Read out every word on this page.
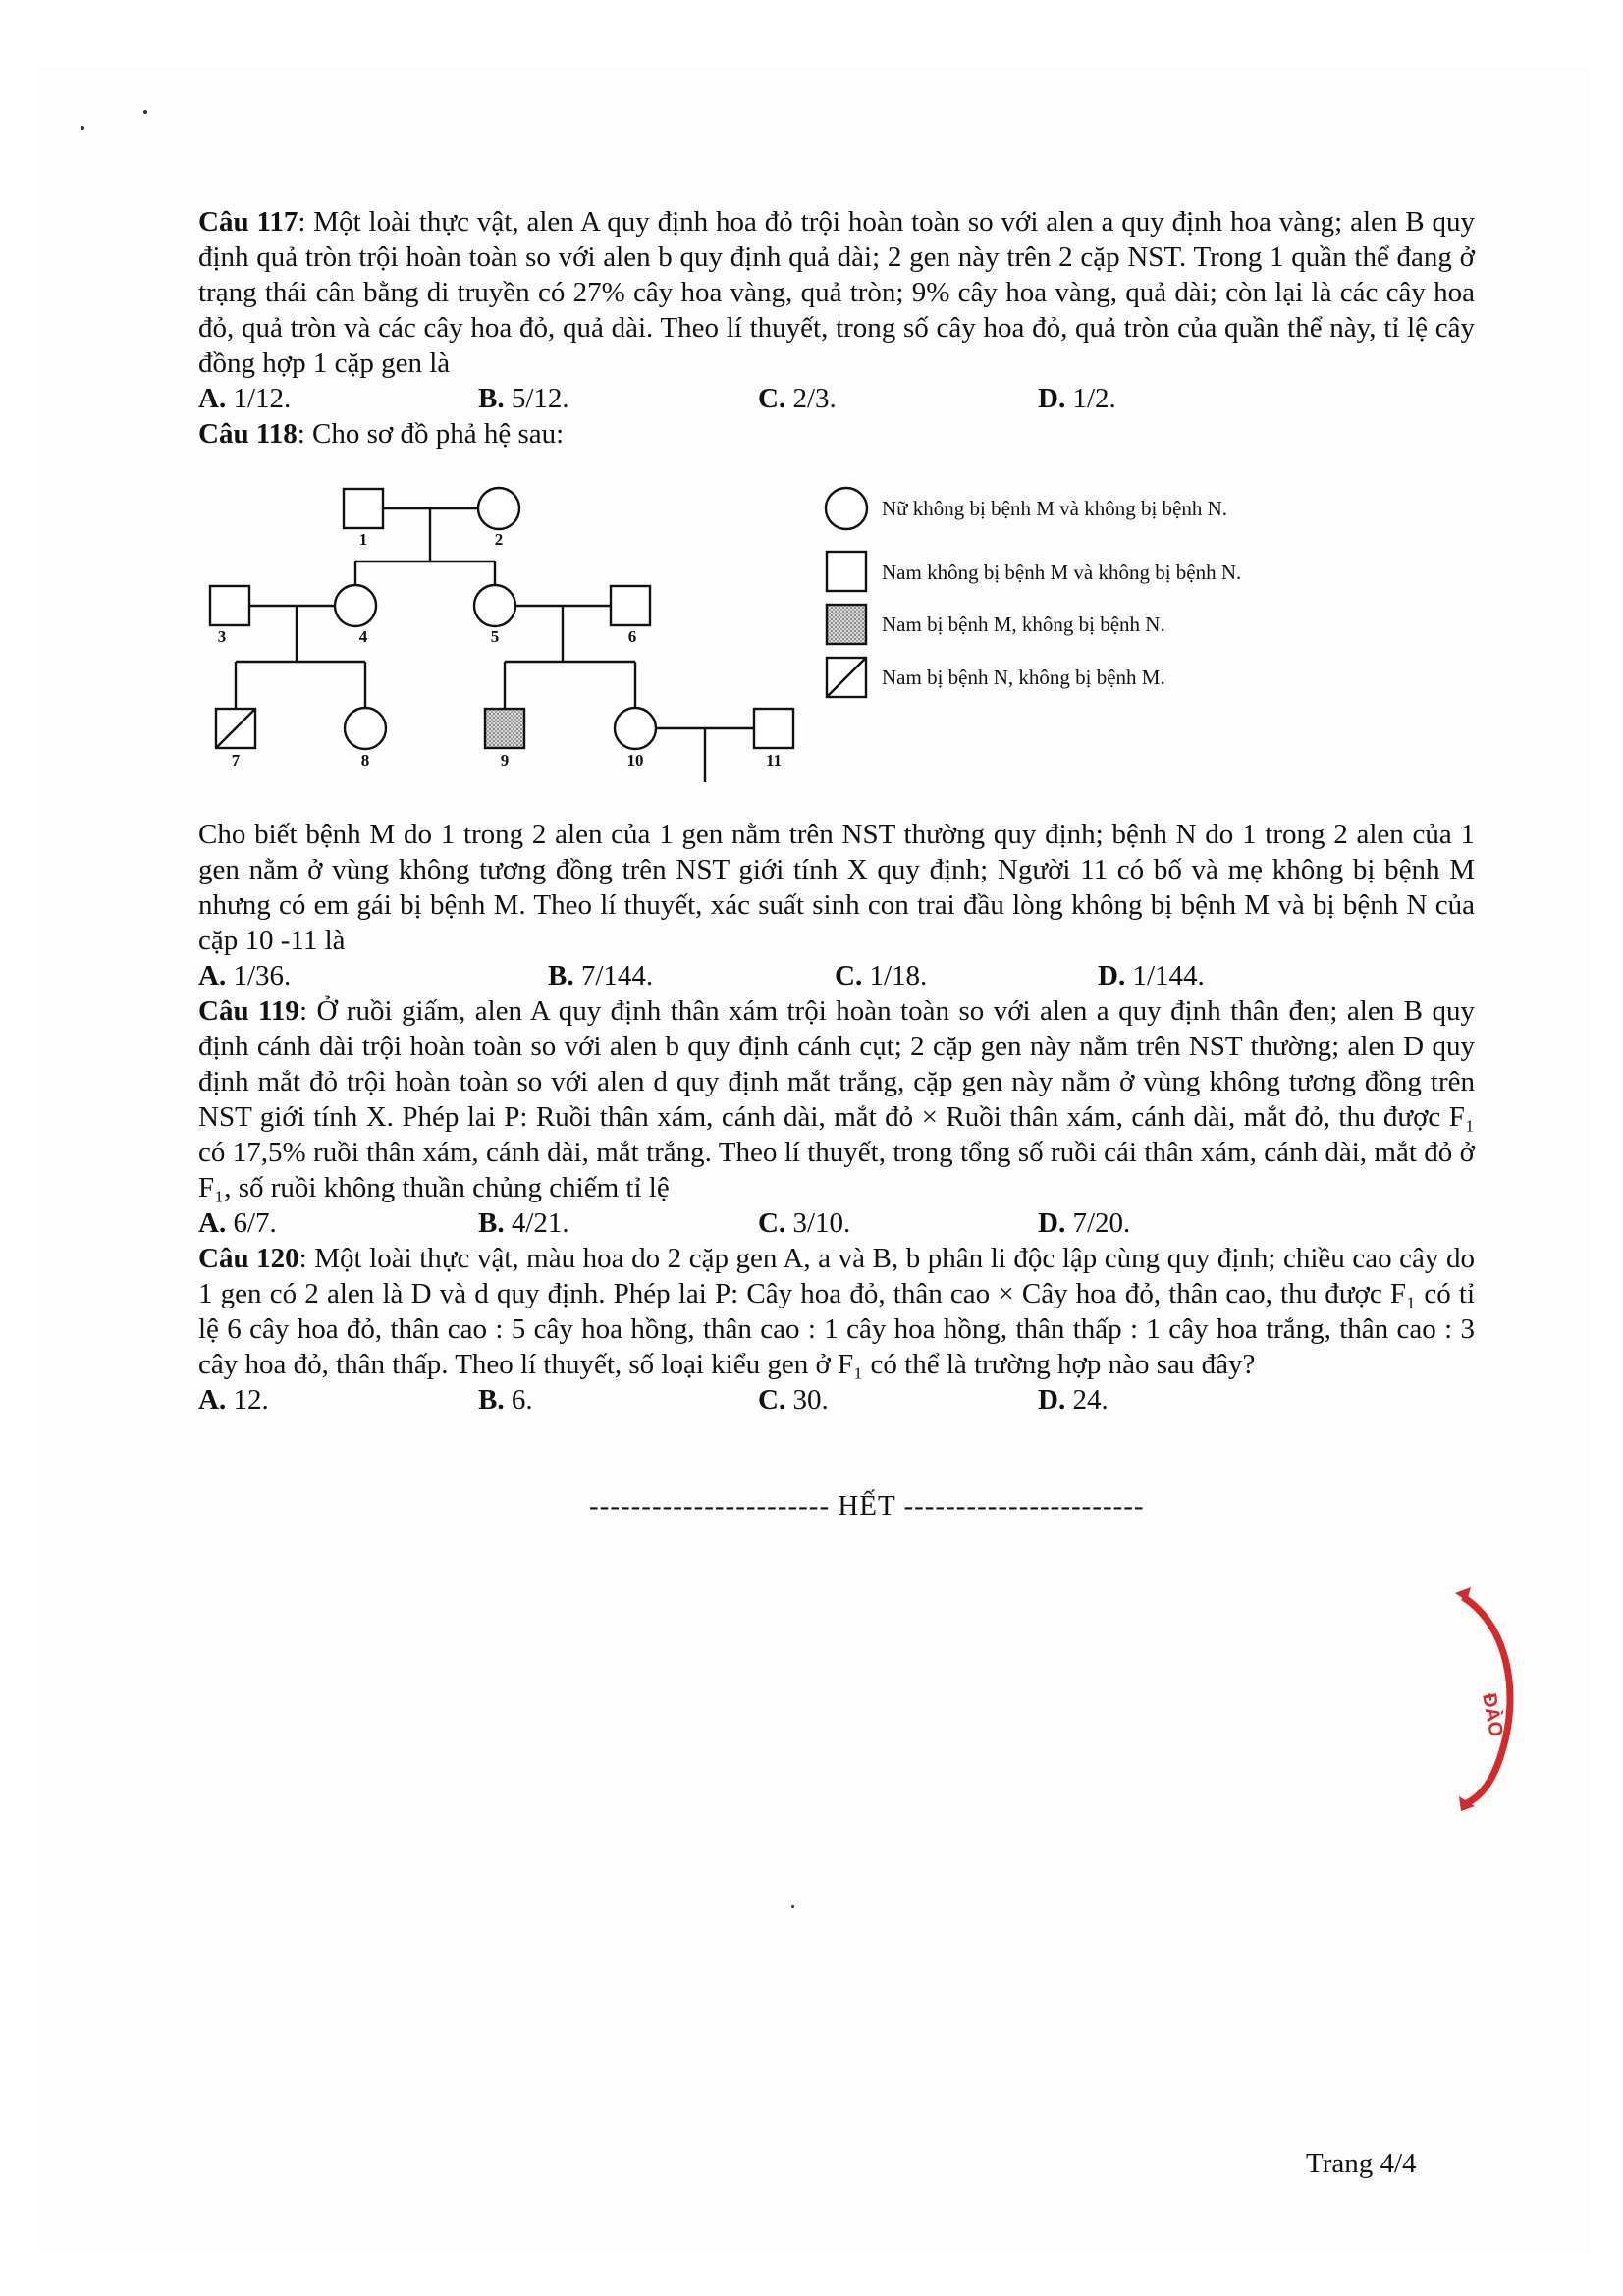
Câu 117: Một loài thực vật, alen A quy định hoa đỏ trội hoàn toàn so với alen a quy định hoa vàng; alen B quy định quả tròn trội hoàn toàn so với alen b quy định quả dài; 2 gen này trên 2 cặp NST. Trong 1 quần thể đang ở trạng thái cân bằng di truyền có 27% cây hoa vàng, quả tròn; 9% cây hoa vàng, quả dài; còn lại là các cây hoa đỏ, quả tròn và các cây hoa đỏ, quả dài. Theo lí thuyết, trong số cây hoa đỏ, quả tròn của quần thể này, tỉ lệ cây đồng hợp 1 cặp gen là

A. 1/12.	B. 5/12.	C. 2/3.	D. 1/2.

Câu 118: Cho sơ đồ phả hệ sau:

1	2
3	4	5	6
7	8	9	10	11
Nữ không bị bệnh M và không bị bệnh N.
Nam không bị bệnh M và không bị bệnh N.
Nam bị bệnh M, không bị bệnh N.
Nam bị bệnh N, không bị bệnh M.

Cho biết bệnh M do 1 trong 2 alen của 1 gen nằm trên NST thường quy định; bệnh N do 1 trong 2 alen của 1 gen nằm ở vùng không tương đồng trên NST giới tính X quy định; Người 11 có bố và mẹ không bị bệnh M nhưng có em gái bị bệnh M. Theo lí thuyết, xác suất sinh con trai đầu lòng không bị bệnh M và bị bệnh N của cặp 10 -11 là

A. 1/36.	B. 7/144.	C. 1/18.	D. 1/144.

Câu 119: Ở ruồi giấm, alen A quy định thân xám trội hoàn toàn so với alen a quy định thân đen; alen B quy định cánh dài trội hoàn toàn so với alen b quy định cánh cụt; 2 cặp gen này nằm trên NST thường; alen D quy định mắt đỏ trội hoàn toàn so với alen d quy định mắt trắng, cặp gen này nằm ở vùng không tương đồng trên NST giới tính X. Phép lai P: Ruồi thân xám, cánh dài, mắt đỏ × Ruồi thân xám, cánh dài, mắt đỏ, thu được F₁ có 17,5% ruồi thân xám, cánh dài, mắt trắng. Theo lí thuyết, trong tổng số ruồi cái thân xám, cánh dài, mắt đỏ ở F₁, số ruồi không thuần chủng chiếm tỉ lệ

A. 6/7.	B. 4/21.	C. 3/10.	D. 7/20.

Câu 120: Một loài thực vật, màu hoa do 2 cặp gen A, a và B, b phân li độc lập cùng quy định; chiều cao cây do 1 gen có 2 alen là D và d quy định. Phép lai P: Cây hoa đỏ, thân cao × Cây hoa đỏ, thân cao, thu được F₁ có tỉ lệ 6 cây hoa đỏ, thân cao : 5 cây hoa hồng, thân cao : 1 cây hoa hồng, thân thấp : 1 cây hoa trắng, thân cao : 3 cây hoa đỏ, thân thấp. Theo lí thuyết, số loại kiểu gen ở F₁ có thể là trường hợp nào sau đây?

A. 12.	B. 6.	C. 30.	D. 24.
----------------------- HẾT -----------------------
ĐÀO
Trang 4/4
